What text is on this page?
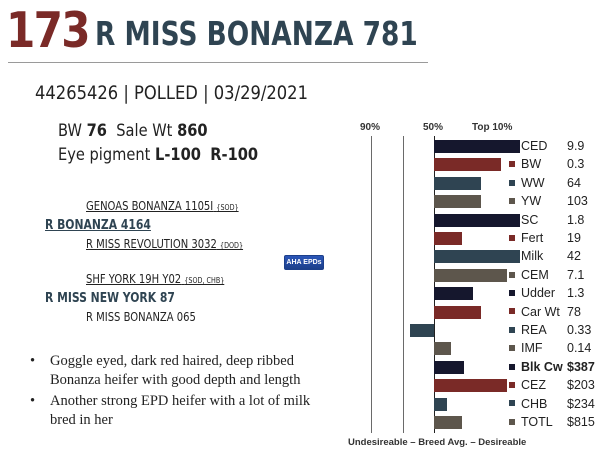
173 R MISS BONANZA 781
44265426 | POLLED | 03/29/2021
BW 76 Sale Wt 860
Eye pigment L-100 R-100
GENOAS BONANZA 1105I {SOD}
R BONANZA 4164
R MISS REVOLUTION 3032 {DOD}
SHF YORK 19H Y02 {SOD, CHB}
R MISS NEW YORK 87
R MISS BONANZA 065
AHA EPDs
• Goggle eyed, dark red haired, deep ribbed Bonanza heifer with good depth and length
• Another strong EPD heifer with a lot of milk bred in her
90%	50%	Top 10%
Undesireable – Breed Avg. – Desireable
CED 9.9
BW 0.3
WW 64
YW 103
SC 1.8
Fert 19
Milk 42
CEM 7.1
Udder 1.3
Car Wt 78
REA 0.33
IMF 0.14
Blk Cw $387
CEZ $203
CHB $234
TOTL $815
